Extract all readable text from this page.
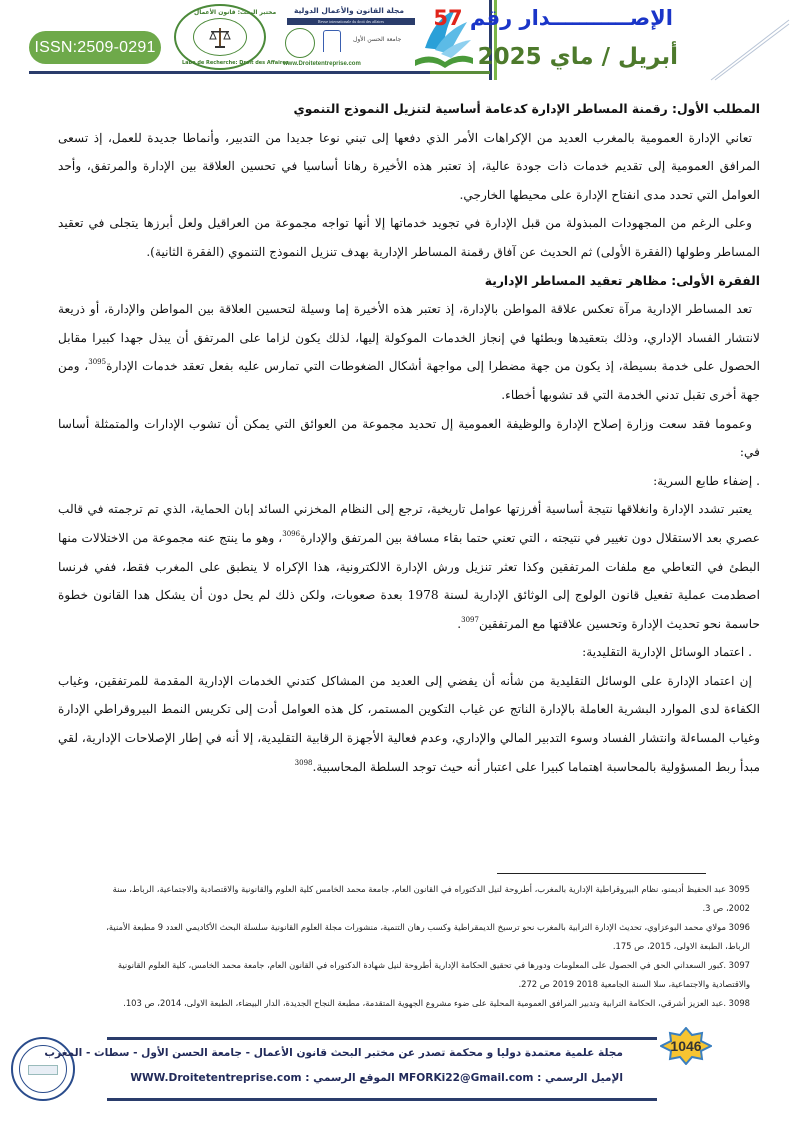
ISSN:2509-0291
مختبر البحث: قانون الأعمال
Labo de Recherche: Droit des Affaires
مجلة القانون والأعمال الدولية
Revue internationale du droit des affaires
جامعة الحسن الأول
www.Droitetentreprise.com
الإصـــــــــــدار رقم 57
أبريل / ماي 2025

المطلب الأول: رقمنة المساطر الإدارة كدعامة أساسية لتنزيل النموذج التنموي

تعاني الإدارة العمومية بالمغرب العديد من الإكراهات الأمر الذي دفعها إلى تبني نوعا جديدا من التدبير، وأنماطا جديدة للعمل، إذ تسعى المرافق العمومية إلى تقديم خدمات ذات جودة عالية، إذ تعتبر هذه الأخيرة رهانا أساسيا في تحسين العلاقة بين الإدارة والمرتفق، وأحد العوامل التي تحدد مدى انفتاح الإدارة على محيطها الخارجي.

وعلى الرغم من المجهودات المبذولة من قبل الإدارة في تجويد خدماتها إلا أنها تواجه مجموعة من العراقيل ولعل أبرزها يتجلى في تعقيد المساطر وطولها (الفقرة الأولى) ثم الحديث عن آفاق رقمنة المساطر الإدارية بهدف تنزيل النموذج التنموي (الفقرة الثانية).

الفقرة الأولى: مظاهر تعقيد المساطر الإدارية

تعد المساطر الإدارية مرآة تعكس علاقة المواطن بالإدارة، إذ تعتبر هذه الأخيرة إما وسيلة لتحسين العلاقة بين المواطن والإدارة، أو ذريعة لانتشار الفساد الإداري، وذلك بتعقيدها وبطئها في إنجاز الخدمات الموكولة إليها، لذلك يكون لزاما على المرتفق أن يبذل جهدا كبيرا مقابل الحصول على خدمة بسيطة، إذ يكون من جهة مضطرا إلى مواجهة أشكال الضغوطات التي تمارس عليه بفعل تعقد خدمات الإدارة$^{3095}$، ومن جهة أخرى تقبل تدني الخدمة التي قد تشوبها أخطاء.

وعموما فقد سعت وزارة إصلاح الإدارة والوظيفة العمومية إل تحديد مجموعة من العوائق التي يمكن أن تشوب الإدارات والمتمثلة أساسا في:

. إضفاء طابع السرية:

يعتبر تشدد الإدارة وانغلاقها نتيجة أساسية أفرزتها عوامل تاريخية، ترجع إلى النظام المخزني السائد إبان الحماية، الذي تم ترجمته في قالب عصري بعد الاستقلال دون تغيير في نتيجته ، التي تعني حتما بقاء مسافة بين المرتفق والإدارة$^{3096}$، وهو ما ينتج عنه مجموعة من الاختلالات منها البطئ في التعاطي مع ملفات المرتفقين وكذا تعثر تنزيل ورش الإدارة الالكترونية، هذا الإكراه لا ينطبق على المغرب فقط، ففي فرنسا اصطدمت عملية تفعيل قانون الولوج إلى الوثائق الإدارية لسنة 1978 بعدة صعوبات، ولكن ذلك لم يحل دون أن يشكل هدا القانون خطوة حاسمة نحو تحديث الإدارة وتحسين علاقتها مع المرتفقين$^{3097}$.

. اعتماد الوسائل الإدارية التقليدية:

إن اعتماد الإدارة على الوسائل التقليدية من شأنه أن يفضي إلى العديد من المشاكل كتدني الخدمات الإدارية المقدمة للمرتفقين، وغياب الكفاءة لدى الموارد البشرية العاملة بالإدارة الناتج عن غياب التكوين المستمر، كل هذه العوامل أدت إلى تكريس النمط البيروقراطي الإدارة وغياب المساءلة وانتشار الفساد وسوء التدبير المالي والإداري، وعدم فعالية الأجهزة الرقابية التقليدية، إلا أنه في إطار الإصلاحات الإدارية، لقي مبدأ ربط المسؤولية بالمحاسبة اهتماما كبيرا على اعتبار أنه حيث توجد السلطة المحاسبية.$^{3098}$

3095 عبد الحفيظ أديمنو، نظام البيروقراطية الإدارية بالمغرب، أطروحة لنيل الدكتوراه في القانون العام، جامعة محمد الخامس كلية العلوم والقانونية والاقتصادية والاجتماعية، الرباط، سنة 2002، ص 3.

3096 مولاي محمد البوعزاوي، تحديث الإدارة الترابية بالمغرب نحو ترسيخ الديمقراطية وكسب رهان التنمية، منشورات مجلة العلوم القانونية سلسلة البحث الأكاديمي العدد 9 مطبعة الأمنية، الرباط، الطبعة الاولى، 2015، ص 175.

3097 .كبور السعداني الحق في الحصول على المعلومات ودورها في تحقيق الحكامة الإدارية أطروحة لنيل شهادة الدكتوراه في القانون العام، جامعة محمد الخامس، كلية العلوم القانونية والاقتصادية والاجتماعية، سلا السنة الجامعية 2018 2019 ص 272.

3098 .عبد العزيز أشرقي، الحكامة الترابية وتدبير المرافق العمومية المحلية على ضوء مشروع الجهوية المتقدمة، مطبعة النجاح الجديدة، الدار البيضاء، الطبعة الاولى، 2014، ص 103.

1046
مجلة علمية معتمدة دوليا و محكمة تصدر عن مختبر البحث قانون الأعمال - جامعة الحسن الأول - سطات - المغرب
الإميل الرسمي : MFORKi22@Gmail.com الموقع الرسمي : WWW.Droitetentreprise.com
